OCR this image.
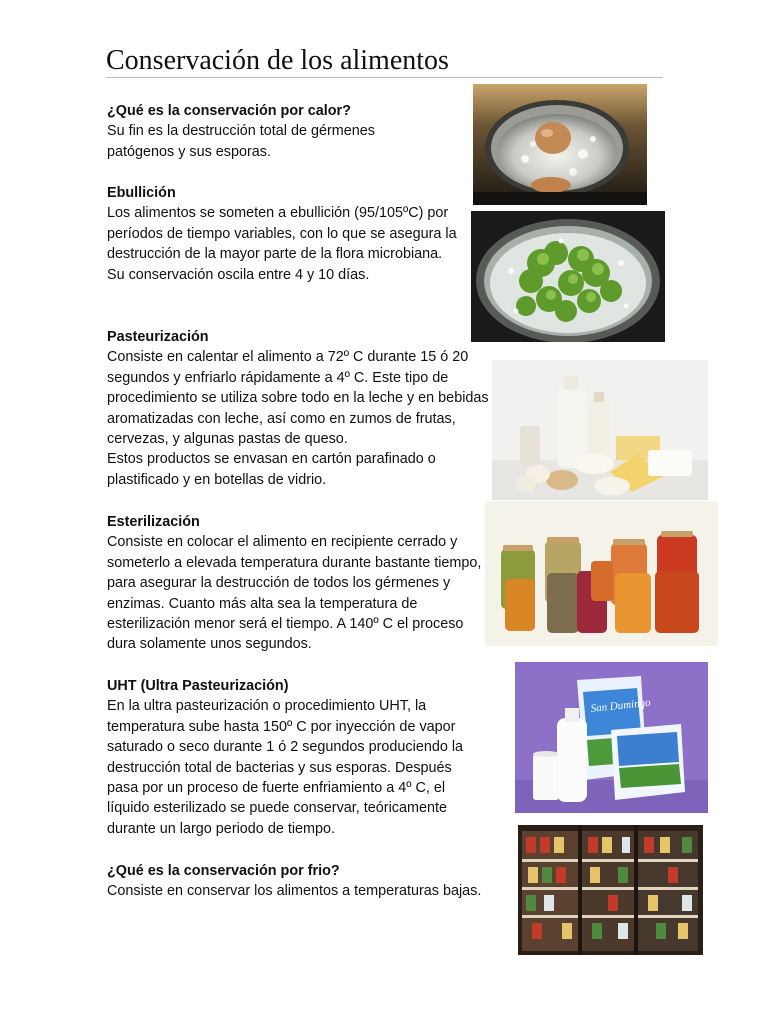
Conservación de los alimentos
¿Qué es la conservación por calor?

Su fin es la destrucción total de gérmenes patógenos y sus esporas.

Ebullición

Los alimentos se someten a ebullición (95/105ºC) por períodos de tiempo variables, con lo que se asegura la destrucción de la mayor parte de la flora microbiana. Su conservación oscila entre 4 y 10 días.

Pasteurización

Consiste en calentar el alimento a 72º C durante 15 ó 20 segundos y enfriarlo rápidamente a 4º C. Este tipo de procedimiento se utiliza sobre todo en la leche y en bebidas aromatizadas con leche, así como en zumos de frutas, cervezas, y algunas pastas de queso.

Estos productos se envasan en cartón parafinado o plastificado y en botellas de vidrio.

Esterilización

Consiste en colocar el alimento en recipiente cerrado y someterlo a elevada temperatura durante bastante tiempo, para asegurar la destrucción de todos los gérmenes y enzimas. Cuanto más alta sea la temperatura de esterilización menor será el tiempo. A 140º C el proceso dura solamente unos segundos.

UHT (Ultra Pasteurización)

En la ultra pasteurización o procedimiento UHT, la temperatura sube hasta 150º C por inyección de vapor saturado o seco durante 1 ó 2 segundos produciendo la destrucción total de bacterias y sus esporas. Después pasa por un proceso de fuerte enfriamiento a 4º C, el líquido esterilizado se puede conservar, teóricamente durante un largo periodo de tiempo.

¿Qué es la conservación por frio?

Consiste en conservar los alimentos a temperaturas bajas.

San Dumingo
